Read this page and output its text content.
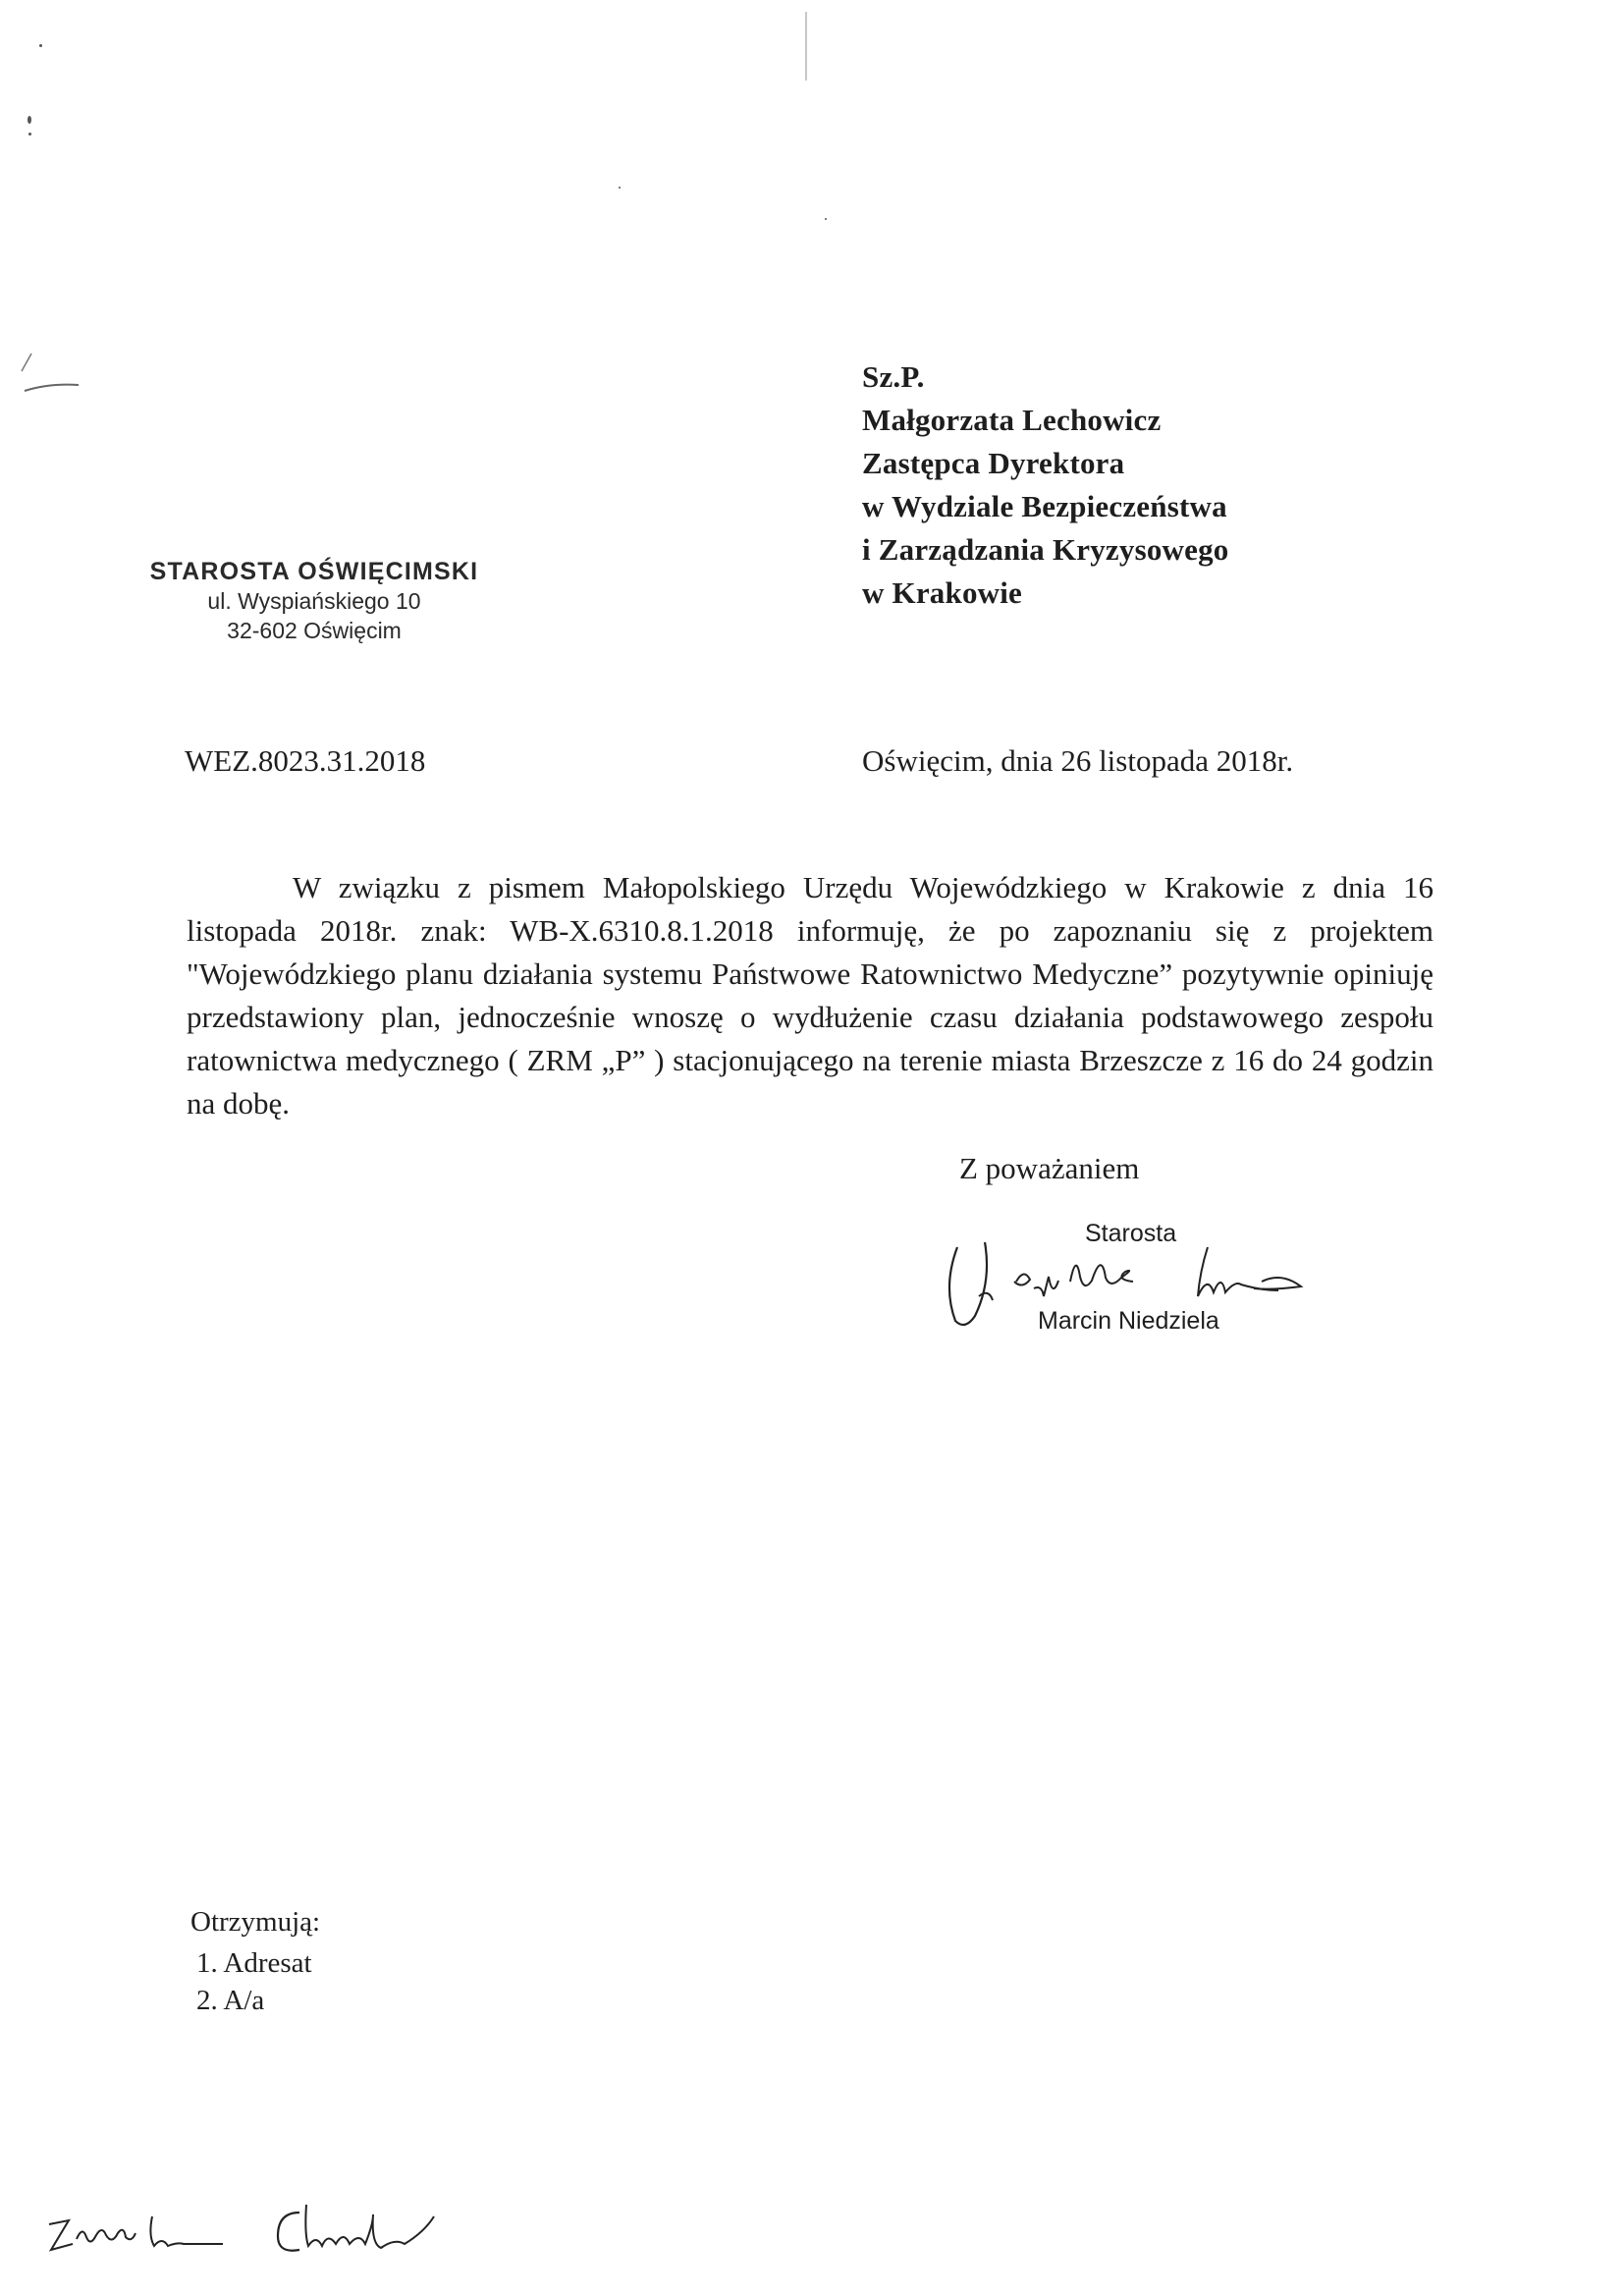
Sz.P.
Małgorzata Lechowicz
Zastępca Dyrektora
w Wydziale Bezpieczeństwa
i Zarządzania Kryzysowego
w Krakowie
STAROSTA OŚWIĘCIMSKI
ul. Wyspiańskiego 10
32-602 Oświęcim
WEZ.8023.31.2018	Oświęcim, dnia 26 listopada 2018r.
W związku z pismem Małopolskiego Urzędu Wojewódzkiego w Krakowie z dnia 16 listopada 2018r. znak: WB-X.6310.8.1.2018 informuję, że po zapoznaniu się z projektem "Wojewódzkiego planu działania systemu Państwowe Ratownictwo Medyczne” pozytywnie opiniuję przedstawiony plan, jednocześnie wnoszę o wydłużenie czasu działania podstawowego zespołu ratownictwa medycznego ( ZRM „P” ) stacjonującego na terenie miasta Brzeszcze z 16 do 24 godzin na dobę.
Z poważaniem
Starosta
Marcin Niedziela
Otrzymują:
1. Adresat
2. A/a
